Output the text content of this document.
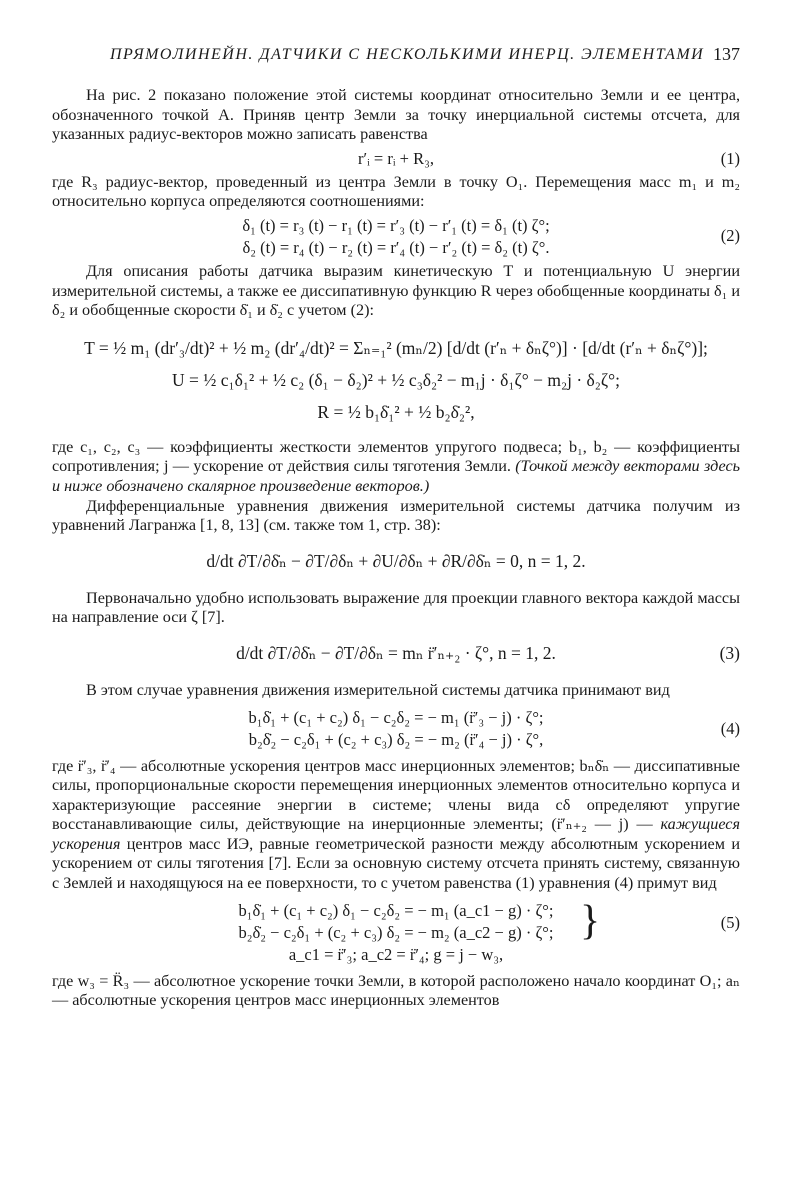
ПРЯМОЛИНЕЙН. ДАТЧИКИ С НЕСКОЛЬКИМИ ИНЕРЦ. ЭЛЕМЕНТАМИ 137

На рис. 2 показано положение этой системы координат относительно Земли и ее центра, обозначенного точкой A. Приняв центр Земли за точку инерциальной системы отсчета, для указанных радиус-векторов можно записать равенства

r′ᵢ = rᵢ + R₃,	(1)

где R₃ радиус-вектор, проведенный из центра Земли в точку O₁. Перемещения масс m₁ и m₂ относительно корпуса определяются соотношениями:

δ₁ (t) = r₃ (t) − r₁ (t) = r′₃ (t) − r′₁ (t) = δ₁ (t) ζ°;
δ₂ (t) = r₄ (t) − r₂ (t) = r′₄ (t) − r′₂ (t) = δ₂ (t) ζ°.
(2)

Для описания работы датчика выразим кинетическую T и потенциальную U энергии измерительной системы, а также ее диссипативную функцию R через обобщенные координаты δ₁ и δ₂ и обобщенные скорости δ̇₁ и δ̇₂ с учетом (2):

T = ½ m₁ (dr′₃/dt)² + ½ m₂ (dr′₄/dt)² = Σₙ₌₁² (mₙ/2) [d/dt (r′ₙ + δₙζ°)] · [d/dt (r′ₙ + δₙζ°)];
U = ½ c₁δ₁² + ½ c₂ (δ₁ − δ₂)² + ½ c₃δ₂² − m₁j · δ₁ζ° − m₂j · δ₂ζ°;
R = ½ b₁δ̇₁² + ½ b₂δ̇₂²,

где c₁, c₂, c₃ — коэффициенты жесткости элементов упругого подвеса; b₁, b₂ — коэффициенты сопротивления; j — ускорение от действия силы тяготения Земли. (Точкой между векторами здесь и ниже обозначено скалярное произведение векторов.)

Дифференциальные уравнения движения измерительной системы датчика получим из уравнений Лагранжа [1, 8, 13] (см. также том 1, стр. 38):

d/dt ∂T/∂δ̇ₙ − ∂T/∂δₙ + ∂U/∂δₙ + ∂R/∂δ̇ₙ = 0, n = 1, 2.

Первоначально удобно использовать выражение для проекции главного вектора каждой массы на направление оси ζ [7].

d/dt ∂T/∂δ̇ₙ − ∂T/∂δₙ = mₙ r̈′ₙ₊₂ · ζ°, n = 1, 2.	(3)

В этом случае уравнения движения измерительной системы датчика принимают вид

b₁δ̇₁ + (c₁ + c₂) δ₁ − c₂δ₂ = − m₁ (r̈′₃ − j) · ζ°;
b₂δ̇₂ − c₂δ₁ + (c₂ + c₃) δ₂ = − m₂ (r̈′₄ − j) · ζ°,
(4)

где r̈′₃, r̈′₄ — абсолютные ускорения центров масс инерционных элементов; bₙδ̇ₙ — диссипативные силы, пропорциональные скорости перемещения инерционных элементов относительно корпуса и характеризующие рассеяние энергии в системе; члены вида cδ определяют упругие восстанавливающие силы, действующие на инерционные элементы; (r̈′ₙ₊₂ — j) — кажущиеся ускорения центров масс ИЭ, равные геометрической разности между абсолютным ускорением и ускорением от силы тяготения [7]. Если за основную систему отсчета принять систему, связанную с Землей и находящуюся на ее поверхности, то с учетом равенства (1) уравнения (4) примут вид

b₁δ̇₁ + (c₁ + c₂) δ₁ − c₂δ₂ = − m₁ (a_c1 − g) · ζ°;
b₂δ̇₂ − c₂δ₁ + (c₂ + c₃) δ₂ = − m₂ (a_c2 − g) · ζ°;
a_c1 = r̈′₃; a_c2 = r̈′₄; g = j − w₃,
}	(5)

где w₃ = R̈₃ — абсолютное ускорение точки Земли, в которой расположено начало координат O₁; aₙ — абсолютные ускорения центров масс инерционных элементов
